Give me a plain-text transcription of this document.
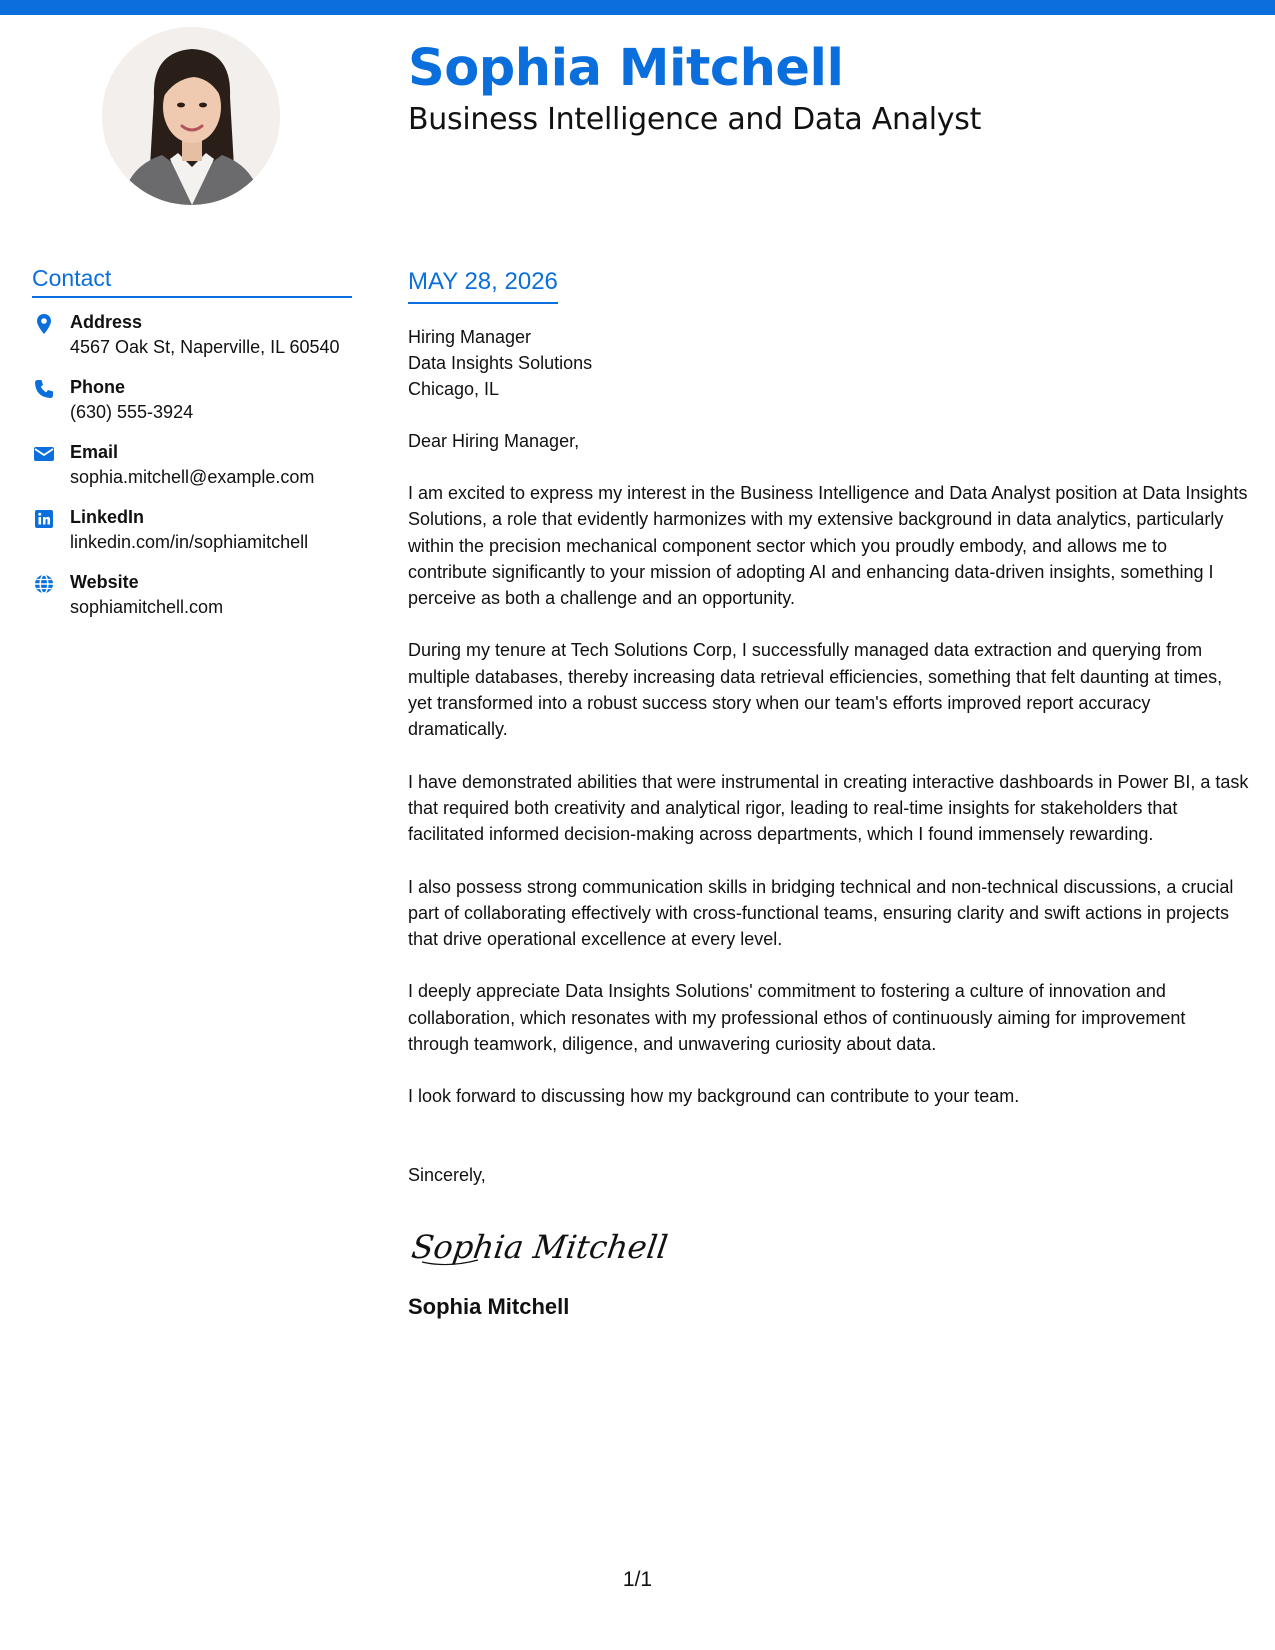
Sophia Mitchell
Business Intelligence and Data Analyst
Contact
Address
4567 Oak St, Naperville, IL 60540
Phone
(630) 555-3924
Email
sophia.mitchell@example.com
LinkedIn
linkedin.com/in/sophiamitchell
Website
sophiamitchell.com
MAY 28, 2026
Hiring Manager
Data Insights Solutions
Chicago, IL
Dear Hiring Manager,

I am excited to express my interest in the Business Intelligence and Data Analyst position at Data Insights Solutions, a role that evidently harmonizes with my extensive background in data analytics, particularly within the precision mechanical component sector which you proudly embody, and allows me to contribute significantly to your mission of adopting AI and enhancing data-driven insights, something I perceive as both a challenge and an opportunity.

During my tenure at Tech Solutions Corp, I successfully managed data extraction and querying from multiple databases, thereby increasing data retrieval efficiencies, something that felt daunting at times, yet transformed into a robust success story when our team's efforts improved report accuracy dramatically.

I have demonstrated abilities that were instrumental in creating interactive dashboards in Power BI, a task that required both creativity and analytical rigor, leading to real-time insights for stakeholders that facilitated informed decision-making across departments, which I found immensely rewarding.

I also possess strong communication skills in bridging technical and non-technical discussions, a crucial part of collaborating effectively with cross-functional teams, ensuring clarity and swift actions in projects that drive operational excellence at every level.

I deeply appreciate Data Insights Solutions' commitment to fostering a culture of innovation and collaboration, which resonates with my professional ethos of continuously aiming for improvement through teamwork, diligence, and unwavering curiosity about data.

I look forward to discussing how my background can contribute to your team.

Sincerely,
Sophia Mitchell
Sophia Mitchell
1/1
